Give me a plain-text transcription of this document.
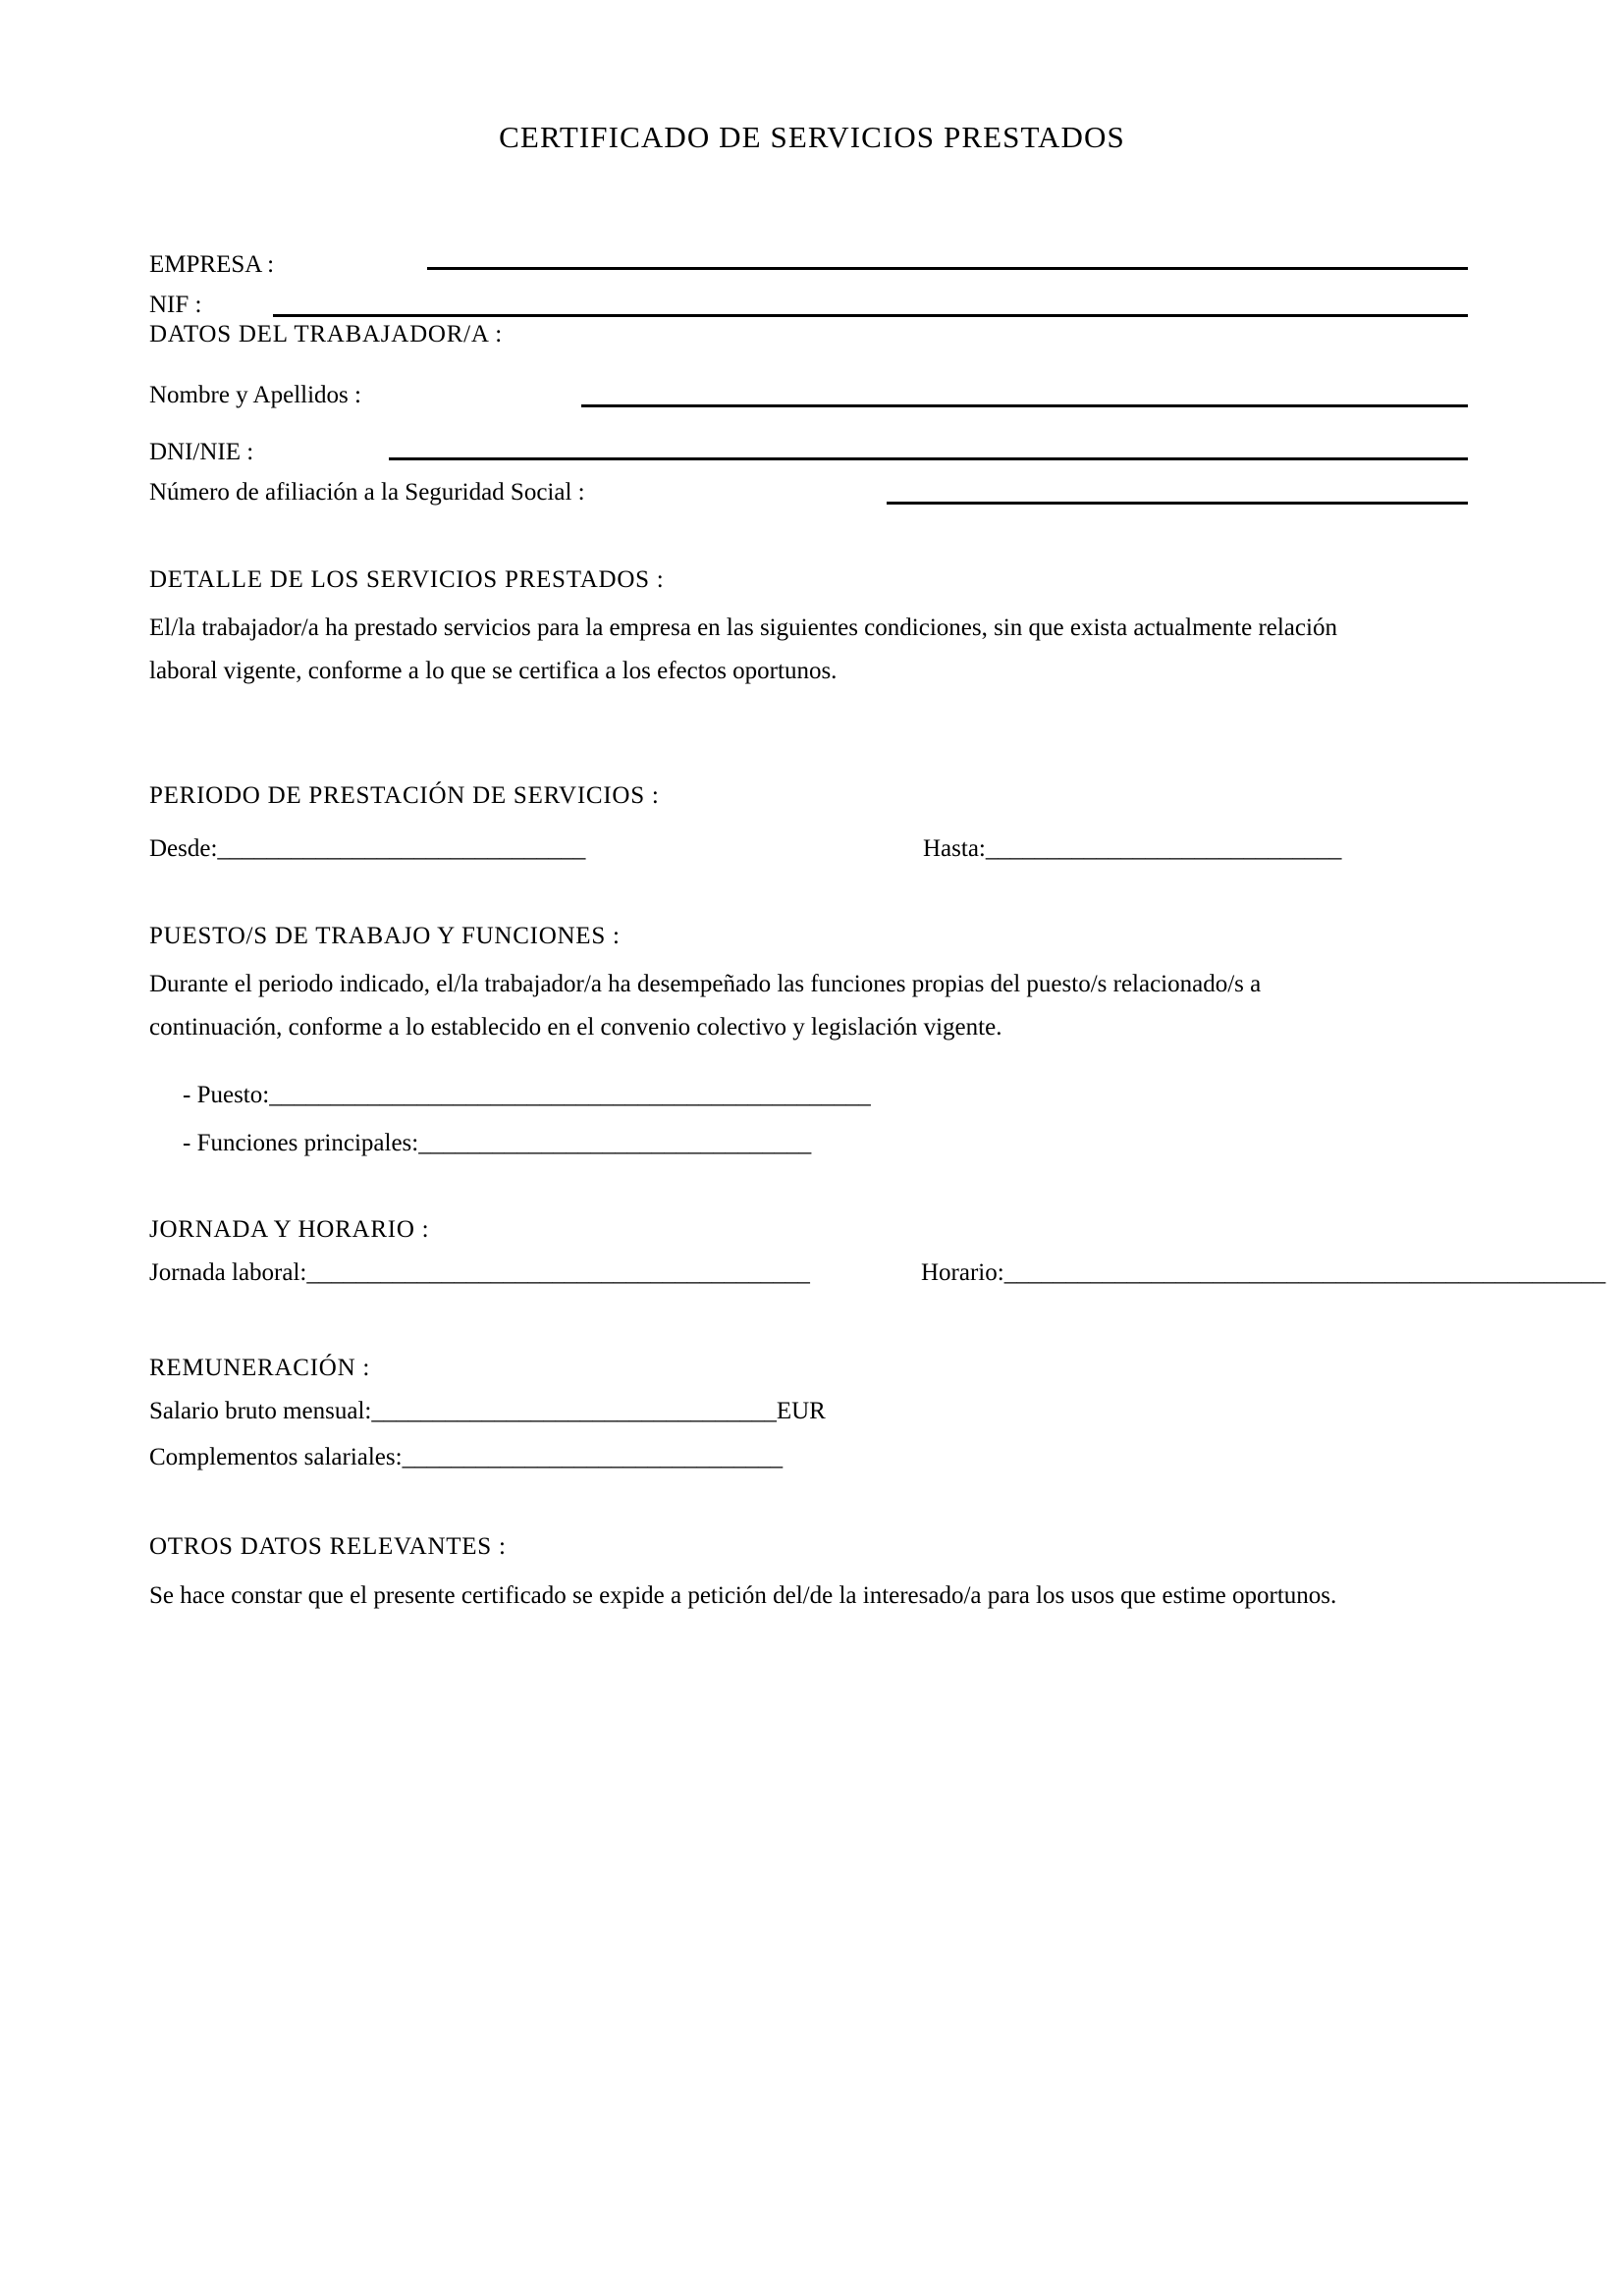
CERTIFICADO DE SERVICIOS PRESTADOS
EMPRESA :
NIF :
DATOS DEL TRABAJADOR/A :
Nombre y Apellidos :
DNI/NIE :
Número de afiliación a la Seguridad Social :
DETALLE DE LOS SERVICIOS PRESTADOS :
El/la trabajador/a ha prestado servicios para la empresa en las siguientes condiciones, sin que exista actualmente relación laboral vigente, conforme a lo que se certifica a los efectos oportunos.
PERIODO DE PRESTACIÓN DE SERVICIOS :
Desde:______________________________	Hasta:_____________________________
PUESTO/S DE TRABAJO Y FUNCIONES :
Durante el periodo indicado, el/la trabajador/a ha desempeñado las funciones propias del puesto/s relacionado/s a continuación, conforme a lo establecido en el convenio colectivo y legislación vigente.
- Puesto:_________________________________________________
- Funciones principales:________________________________
JORNADA Y HORARIO :
Jornada laboral:_________________________________________	Horario:_________________________________________________
REMUNERACIÓN :
Salario bruto mensual:_________________________________EUR
Complementos salariales:_______________________________
OTROS DATOS RELEVANTES :
Se hace constar que el presente certificado se expide a petición del/de la interesado/a para los usos que estime oportunos.
